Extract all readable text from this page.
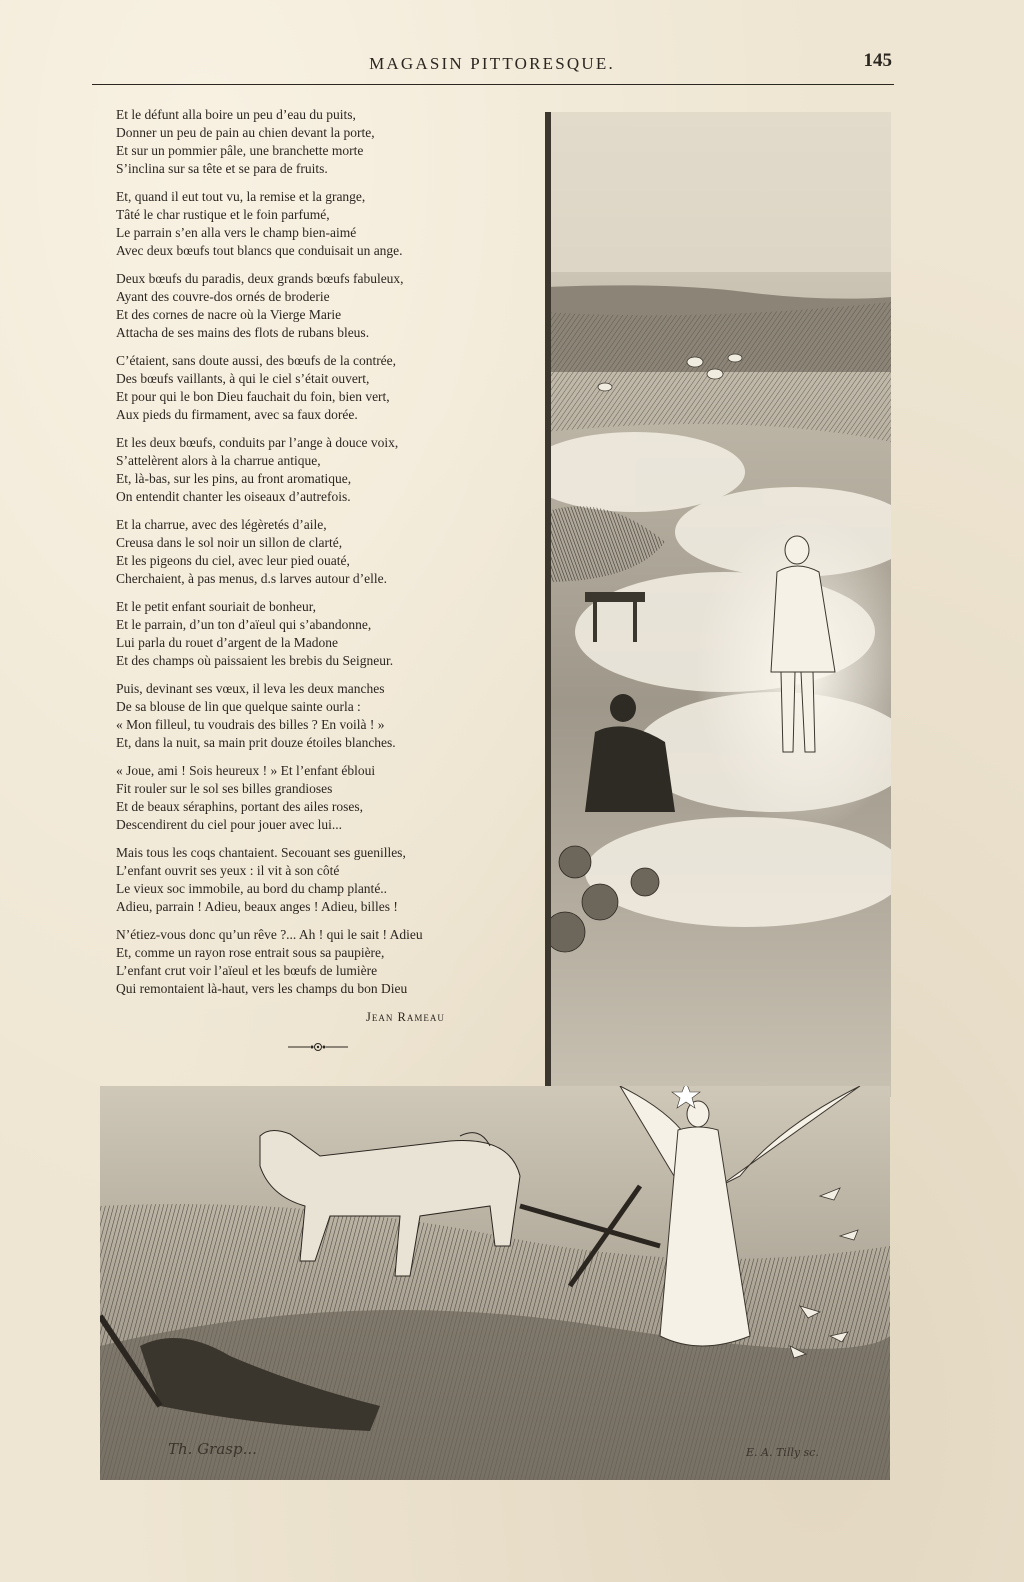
MAGASIN PITTORESQUE.	145
Et le défunt alla boire un peu d’eau du puits,
Donner un peu de pain au chien devant la porte,
Et sur un pommier pâle, une branchette morte
S’inclina sur sa tête et se para de fruits.
Et, quand il eut tout vu, la remise et la grange,
Tâté le char rustique et le foin parfumé,
Le parrain s’en alla vers le champ bien-aimé
Avec deux bœufs tout blancs que conduisait un ange.
Deux bœufs du paradis, deux grands bœufs fabuleux,
Ayant des couvre-dos ornés de broderie
Et des cornes de nacre où la Vierge Marie
Attacha de ses mains des flots de rubans bleus.
C’étaient, sans doute aussi, des bœufs de la contrée,
Des bœufs vaillants, à qui le ciel s’était ouvert,
Et pour qui le bon Dieu fauchait du foin, bien vert,
Aux pieds du firmament, avec sa faux dorée.
Et les deux bœufs, conduits par l’ange à douce voix,
S’attelèrent alors à la charrue antique,
Et, là-bas, sur les pins, au front aromatique,
On entendit chanter les oiseaux d’autrefois.
Et la charrue, avec des légèretés d’aile,
Creusa dans le sol noir un sillon de clarté,
Et les pigeons du ciel, avec leur pied ouaté,
Cherchaient, à pas menus, d.s larves autour d’elle.
Et le petit enfant souriait de bonheur,
Et le parrain, d’un ton d’aïeul qui s’abandonne,
Lui parla du rouet d’argent de la Madone
Et des champs où paissaient les brebis du Seigneur.
Puis, devinant ses vœux, il leva les deux manches
De sa blouse de lin que quelque sainte ourla :
« Mon filleul, tu voudrais des billes ? En voilà ! »
Et, dans la nuit, sa main prit douze étoiles blanches.
« Joue, ami ! Sois heureux ! » Et l’enfant ébloui
Fit rouler sur le sol ses billes grandioses
Et de beaux séraphins, portant des ailes roses,
Descendirent du ciel pour jouer avec lui...
Mais tous les coqs chantaient. Secouant ses guenilles,
L’enfant ouvrit ses yeux : il vit à son côté
Le vieux soc immobile, au bord du champ planté..
Adieu, parrain ! Adieu, beaux anges ! Adieu, billes !
N’étiez-vous donc qu’un rêve ?... Ah ! qui le sait ! Adieu
Et, comme un rayon rose entrait sous sa paupière,
L’enfant crut voir l’aïeul et les bœufs de lumière
Qui remontaient là-haut, vers les champs du bon Dieu
Jean Rameau
Th. Grasp...	E. A. Tilly sc.
